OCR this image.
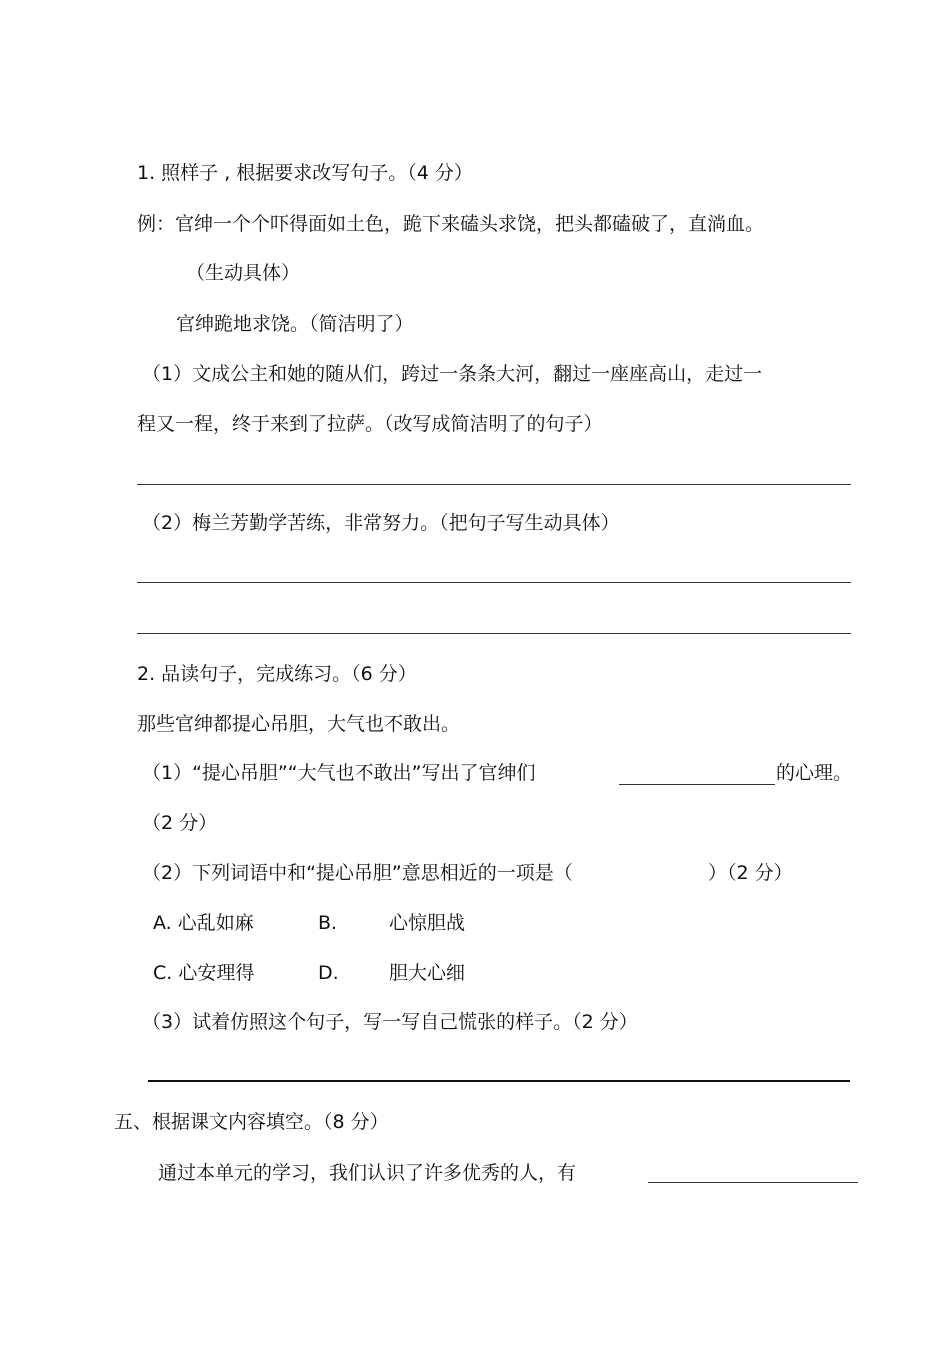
1. 照样子 , 根据要求改写句子。（4 分）
例：官绅一个个吓得面如土色，跪下来磕头求饶，把头都磕破了，直淌血。
（生动具体）
官绅跪地求饶。（简洁明了）
（1）文成公主和她的随从们，跨过一条条大河，翻过一座座高山，走过一
程又一程，终于来到了拉萨。（改写成简洁明了的句子）
（2）梅兰芳勤学苦练，非常努力。（把句子写生动具体）
2. 品读句子，完成练习。（6 分）
那些官绅都提心吊胆，大气也不敢出。
（1）“提心吊胆”“大气也不敢出”写出了官绅们	的心理。
（2 分）
（2）下列词语中和“提心吊胆”意思相近的一项是（	）（2 分）
A. 心乱如麻	B.	心惊胆战
C. 心安理得	D.	胆大心细
（3）试着仿照这个句子，写一写自己慌张的样子。（2 分）
五、根据课文内容填空。（8 分）
通过本单元的学习，我们认识了许多优秀的人，有
